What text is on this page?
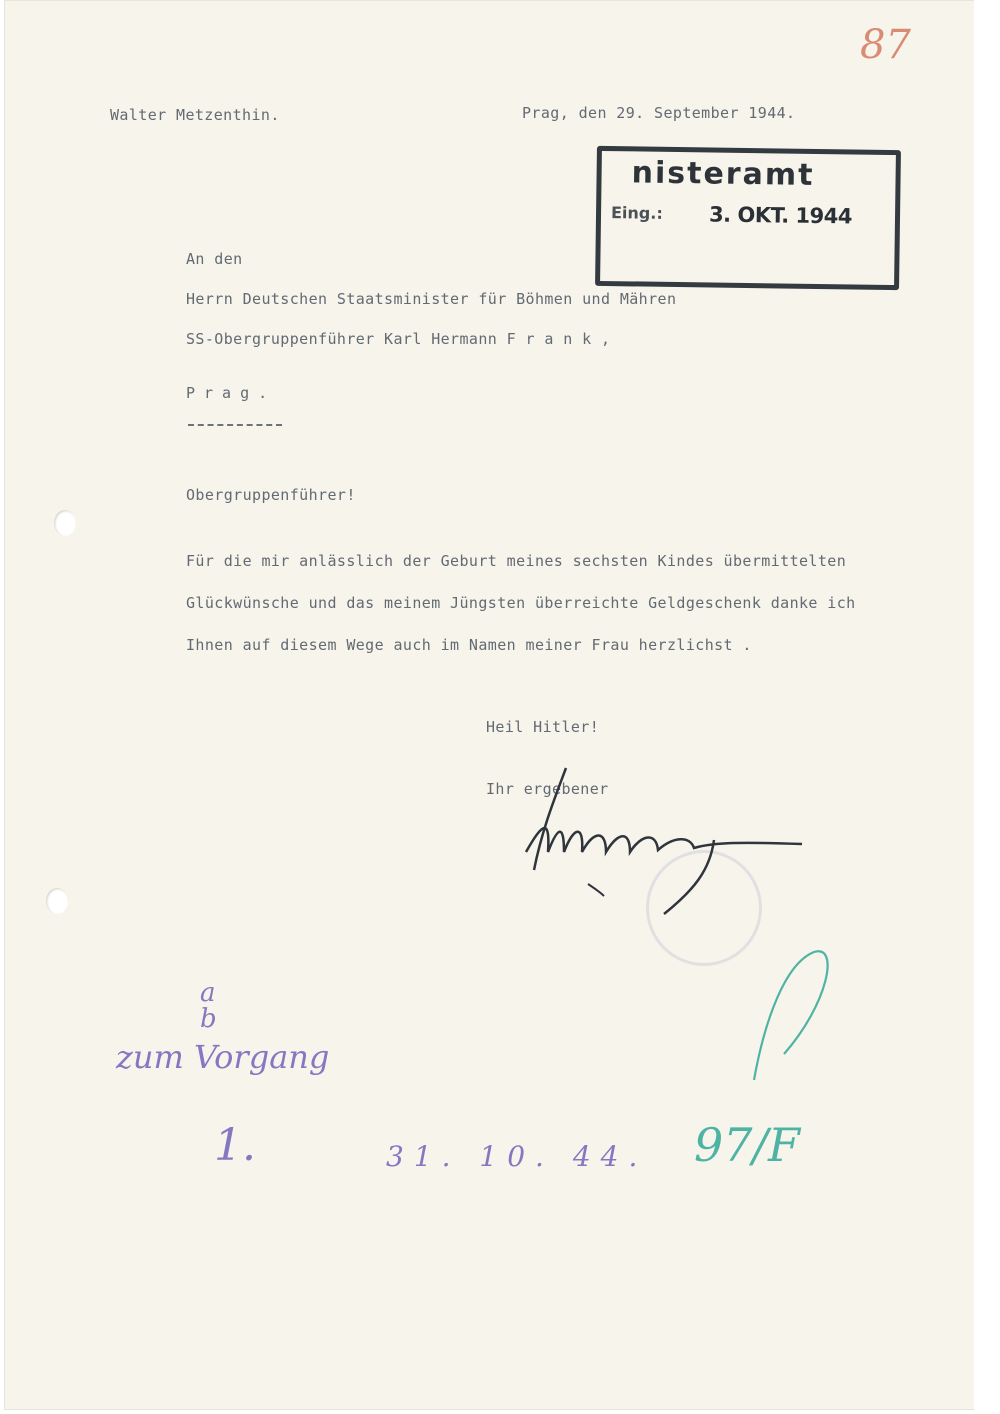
87
Walter Metzenthin.	Prag, den 29. September 1944.
nisteramt
Eing.: 3. OKT. 1944
An den
Herrn Deutschen Staatsminister für Böhmen und Mähren
SS-Obergruppenführer Karl Hermann F r a n k ,
Prag.
Obergruppenführer!
Für die mir anlässlich der Geburt meines sechsten Kindes übermittelten
Glückwünsche und das meinem Jüngsten überreichte Geldgeschenk danke ich
Ihnen auf diesem Wege auch im Namen meiner Frau herzlichst .
Heil Hitler!
Ihr ergebener
a
b
zum Vorgang
1.	31. 10. 44. 97/F
